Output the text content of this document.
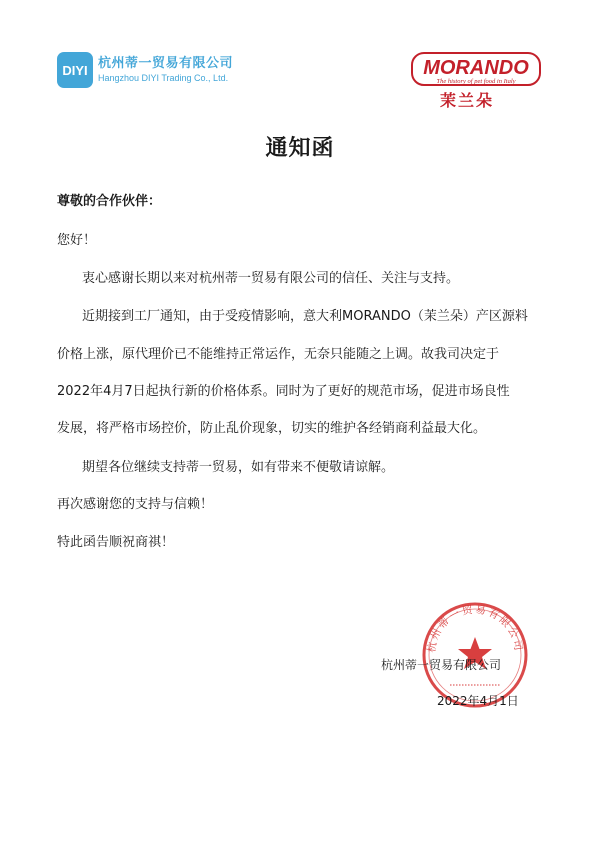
DIYI 杭州蒂一贸易有限公司
Hangzhou DIYI Trading Co., Ltd.	MORANDO
The history of pet food in Italy
茉兰朵
通知函
尊敬的合作伙伴：
您好！
衷心感谢长期以来对杭州蒂一贸易有限公司的信任、关注与支持。
近期接到工厂通知，由于受疫情影响，意大利MORANDO（茉兰朵）产区源料
价格上涨，原代理价已不能维持正常运作，无奈只能随之上调。故我司决定于
2022年4月7日起执行新的价格体系。同时为了更好的规范市场，促进市场良性
发展，将严格市场控价，防止乱价现象，切实的维护各经销商利益最大化。
期望各位继续支持蒂一贸易，如有带来不便敬请谅解。
再次感谢您的支持与信赖！
特此函告顺祝商祺！
杭州蒂一贸易有限公司
杭州蒂一贸易有限公司
2022年4月1日
